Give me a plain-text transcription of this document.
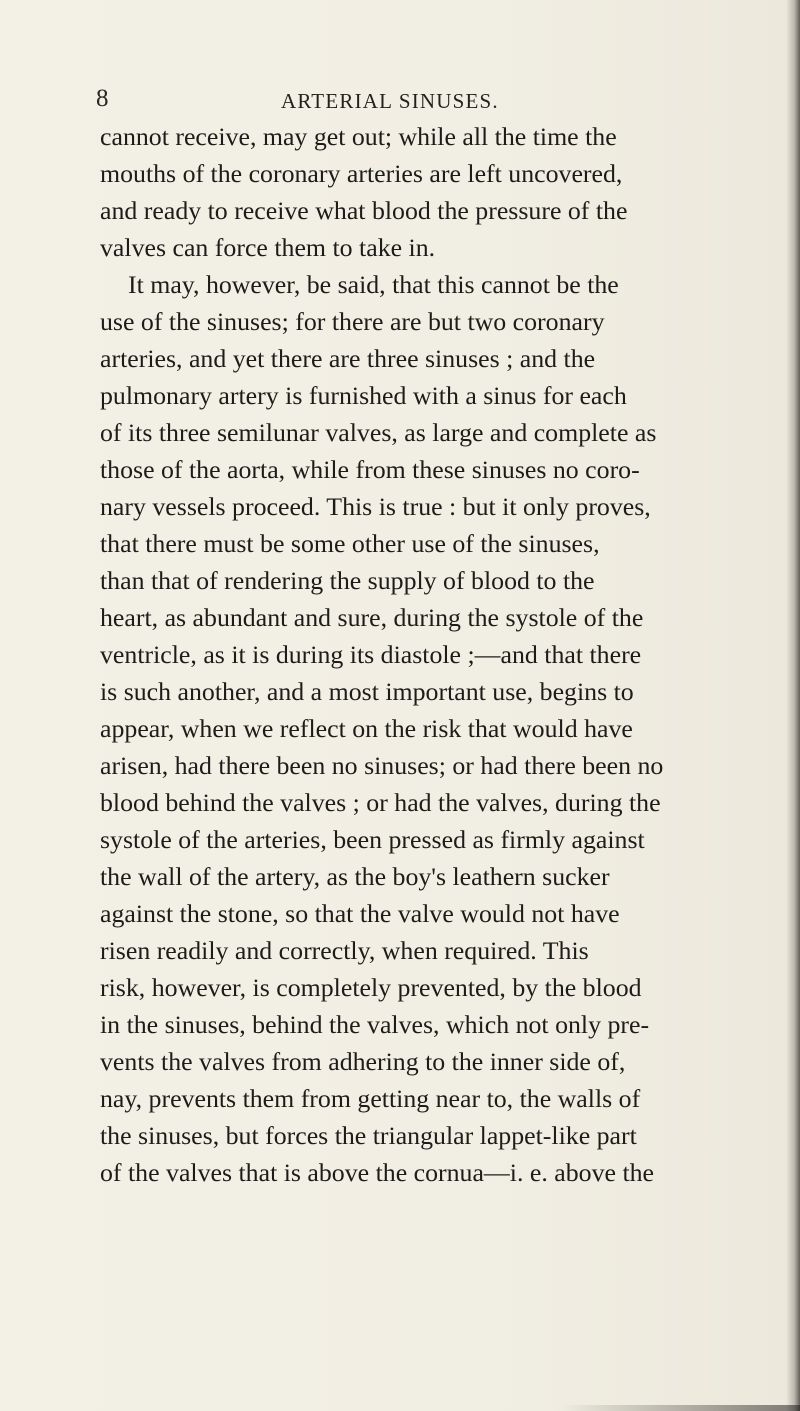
8	ARTERIAL SINUSES.
cannot receive, may get out; while all the time the
mouths of the coronary arteries are left uncovered,
and ready to receive what blood the pressure of the
valves can force them to take in.
It may, however, be said, that this cannot be the
use of the sinuses; for there are but two coronary
arteries, and yet there are three sinuses ; and the
pulmonary artery is furnished with a sinus for each
of its three semilunar valves, as large and complete as
those of the aorta, while from these sinuses no coro-
nary vessels proceed. This is true : but it only proves,
that there must be some other use of the sinuses,
than that of rendering the supply of blood to the
heart, as abundant and sure, during the systole of the
ventricle, as it is during its diastole ;—and that there
is such another, and a most important use, begins to
appear, when we reflect on the risk that would have
arisen, had there been no sinuses; or had there been no
blood behind the valves ; or had the valves, during the
systole of the arteries, been pressed as firmly against
the wall of the artery, as the boy's leathern sucker
against the stone, so that the valve would not have
risen readily and correctly, when required. This
risk, however, is completely prevented, by the blood
in the sinuses, behind the valves, which not only pre-
vents the valves from adhering to the inner side of,
nay, prevents them from getting near to, the walls of
the sinuses, but forces the triangular lappet-like part
of the valves that is above the cornua—i. e. above the
